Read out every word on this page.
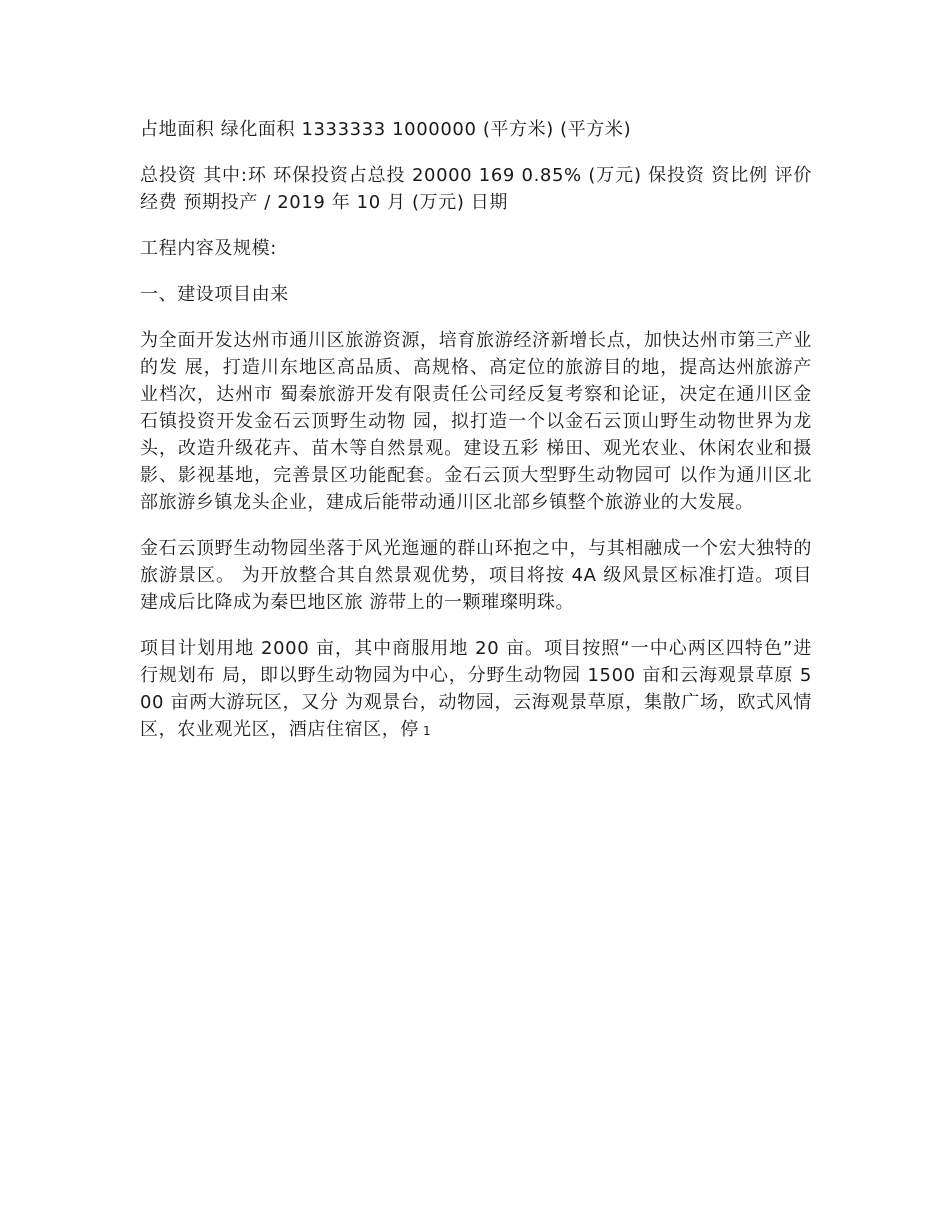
占地面积 绿化面积 1333333 1000000 (平方米) (平方米)

总投资 其中:环 环保投资占总投 20000 169 0.85% (万元) 保投资 资比例 评价经费 预期投产 / 2019 年 10 月 (万元) 日期

工程内容及规模:

一、建设项目由来

为全面开发达州市通川区旅游资源，培育旅游经济新增长点，加快达州市第三产业的发 展，打造川东地区高品质、高规格、高定位的旅游目的地，提高达州旅游产业档次，达州市 蜀秦旅游开发有限责任公司经反复考察和论证，决定在通川区金石镇投资开发金石云顶野生动物 园，拟打造一个以金石云顶山野生动物世界为龙头，改造升级花卉、苗木等自然景观。建设五彩 梯田、观光农业、休闲农业和摄影、影视基地，完善景区功能配套。金石云顶大型野生动物园可 以作为通川区北部旅游乡镇龙头企业，建成后能带动通川区北部乡镇整个旅游业的大发展。

金石云顶野生动物园坐落于风光迤逦的群山环抱之中，与其相融成一个宏大独特的旅游景区。 为开放整合其自然景观优势，项目将按 4A 级风景区标准打造。项目建成后比降成为秦巴地区旅 游带上的一颗璀璨明珠。

项目计划用地 2000 亩，其中商服用地 20 亩。项目按照“一中心两区四特色”进行规划布 局，即以野生动物园为中心，分野生动物园 1500 亩和云海观景草原 500 亩两大游玩区，又分 为观景台，动物园，云海观景草原，集散广场，欧式风情区，农业观光区，酒店住宿区，停 1
